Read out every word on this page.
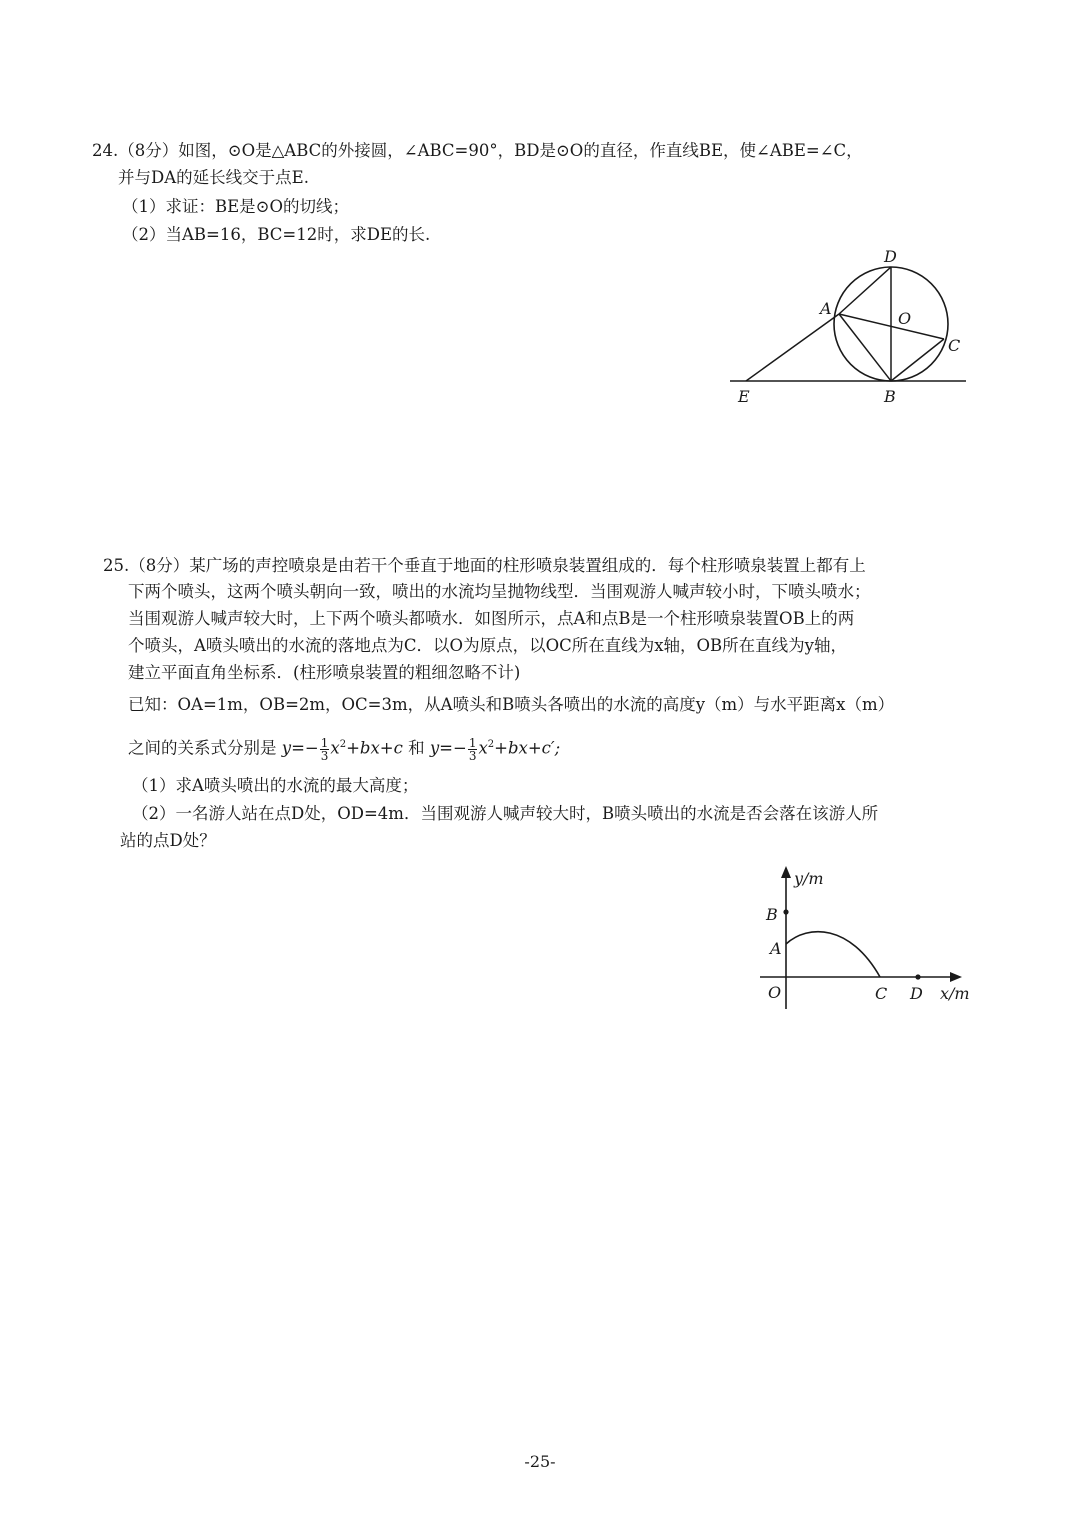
24.（8分）如图，⊙O是△ABC的外接圆，∠ABC=90°，BD是⊙O的直径，作直线BE，使∠ABE=∠C，
并与DA的延长线交于点E.
（1）求证：BE是⊙O的切线；
（2）当AB=16，BC=12时，求DE的长.
D
A
O
C
E	B
25.（8分）某广场的声控喷泉是由若干个垂直于地面的柱形喷泉装置组成的．每个柱形喷泉装置上都有上
下两个喷头，这两个喷头朝向一致，喷出的水流均呈抛物线型．当围观游人喊声较小时，下喷头喷水；
当围观游人喊声较大时，上下两个喷头都喷水．如图所示，点A和点B是一个柱形喷泉装置OB上的两
个喷头，A喷头喷出的水流的落地点为C．以O为原点，以OC所在直线为x轴，OB所在直线为y轴，
建立平面直角坐标系．(柱形喷泉装置的粗细忽略不计)
已知：OA=1m，OB=2m，OC=3m，从A喷头和B喷头各喷出的水流的高度y（m）与水平距离x（m）
之间的关系式分别是 $y=- \frac{1}{3} x^2+bx+c$ 和 $y=- \frac{1}{3} x^2+bx+c'$;
（1）求A喷头喷出的水流的最大高度；
（2）一名游人站在点D处，OD=4m．当围观游人喊声较大时，B喷头喷出的水流是否会落在该游人所
站的点D处？
y/m
B
A
O	C D x/m
-25-
